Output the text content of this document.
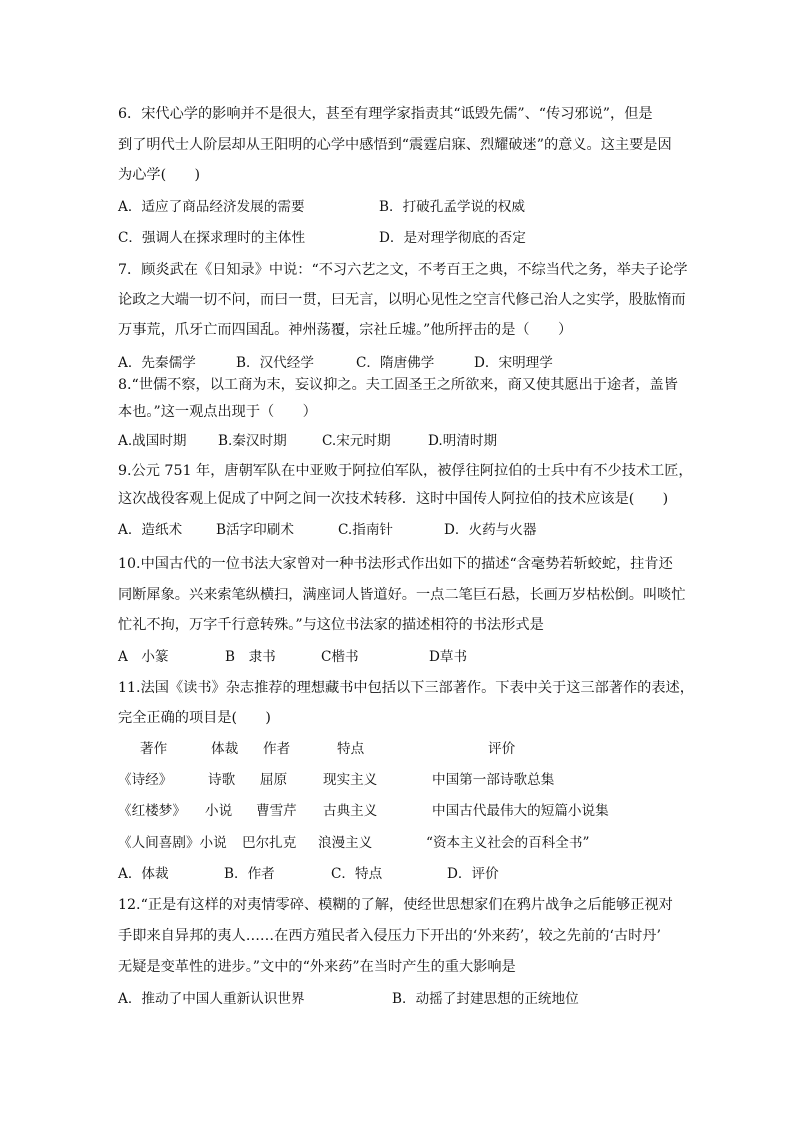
6．宋代心学的影响并不是很大，甚至有理学家指责其“诋毁先儒”、“传习邪说”，但是
到了明代士人阶层却从王阳明的心学中感悟到“震霆启寐、烈耀破迷”的意义。这主要是因
为心学(　　)
A．适应了商品经济发展的需要	B．打破孔孟学说的权威
C．强调人在探求理时的主体性	D．是对理学彻底的否定
7．顾炎武在《日知录》中说：“不习六艺之文，不考百王之典，不综当代之务，举夫子论学
论政之大端一切不问，而曰一贯，曰无言，以明心见性之空言代修己治人之实学，股肱惰而
万事荒，爪牙亡而四国乱。神州荡覆，宗社丘墟。”他所抨击的是（　　）
A．先秦儒学	B．汉代经学	C．隋唐佛学	D．宋明理学
8.“世儒不察，以工商为末，妄议抑之。夫工固圣王之所欲来，商又使其愿出于途者，盖皆
本也。”这一观点出现于（　　）
A.战国时期 B.秦汉时期	C.宋元时期	D.明清时期
9.公元 751 年，唐朝军队在中亚败于阿拉伯军队，被俘往阿拉伯的士兵中有不少技术工匠，
这次战役客观上促成了中阿之间一次技术转移．这时中国传人阿拉伯的技术应该是(　　)
A．造纸术 B活字印刷术	C.指南针	D．火药与火器
10.中国古代的一位书法大家曾对一种书法形式作出如下的描述“含毫势若斩蛟蛇，拄肯还
同断犀象。兴来索笔纵横扫，满座词人皆道好。一点二笔巨石悬，长画万岁枯松倒。叫啖忙
忙礼不拘，万字千行意转殊。”与这位书法家的描述相符的书法形式是
A　小篆	B　隶书	C楷书	D草书
11.法国《读书》杂志推荐的理想藏书中包括以下三部著作。下表中关于这三部著作的表述，
完全正确的项目是(　　)
著作	体裁 作者	特点	评价
《诗经》	诗歌 屈原	现实主义	中国第一部诗歌总集
《红楼梦》 小说 曹雪芹 古典主义	中国古代最伟大的短篇小说集
《人间喜剧》小说 巴尔扎克 浪漫主义	“资本主义社会的百科全书”
A．体裁	B．作者	C．特点	D．评价
12.“正是有这样的对夷情零碎、模糊的了解，使经世思想家们在鸦片战争之后能够正视对
手即来自异邦的夷人……在西方殖民者入侵压力下开出的‘外来药’，较之先前的‘古时丹’
无疑是变革性的进步。”文中的“外来药”在当时产生的重大影响是
A．推动了中国人重新认识世界	B．动摇了封建思想的正统地位
